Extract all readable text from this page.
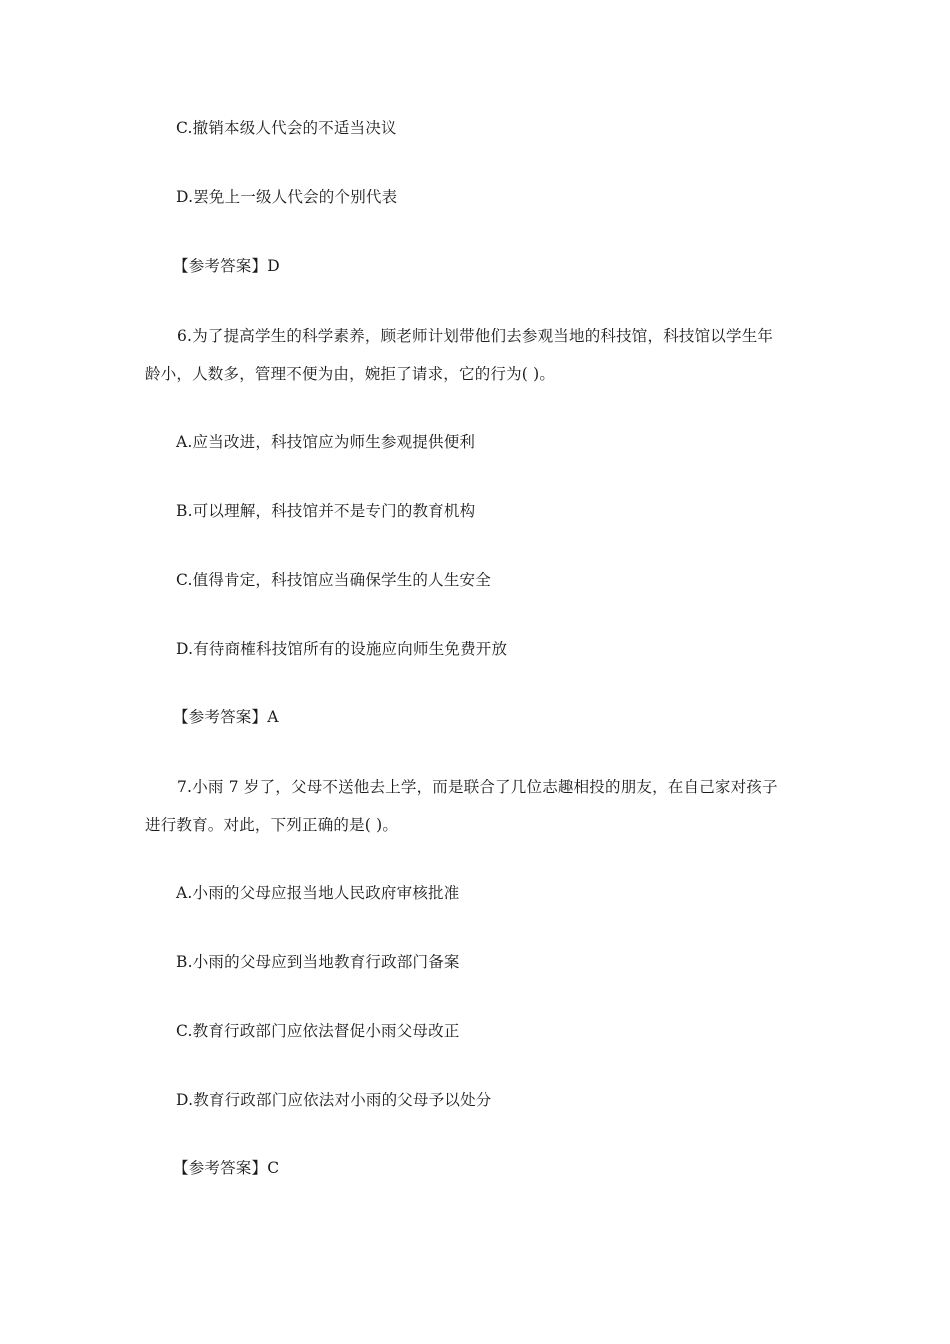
C.撤销本级人代会的不适当决议
D.罢免上一级人代会的个别代表
【参考答案】D
6.为了提高学生的科学素养，顾老师计划带他们去参观当地的科技馆，科技馆以学生年
龄小，人数多，管理不便为由，婉拒了请求，它的行为( )。
A.应当改进，科技馆应为师生参观提供便利
B.可以理解，科技馆并不是专门的教育机构
C.值得肯定，科技馆应当确保学生的人生安全
D.有待商榷科技馆所有的设施应向师生免费开放
【参考答案】A
7.小雨 7 岁了，父母不送他去上学，而是联合了几位志趣相投的朋友，在自己家对孩子
进行教育。对此，下列正确的是( )。
A.小雨的父母应报当地人民政府审核批准
B.小雨的父母应到当地教育行政部门备案
C.教育行政部门应依法督促小雨父母改正
D.教育行政部门应依法对小雨的父母予以处分
【参考答案】C
